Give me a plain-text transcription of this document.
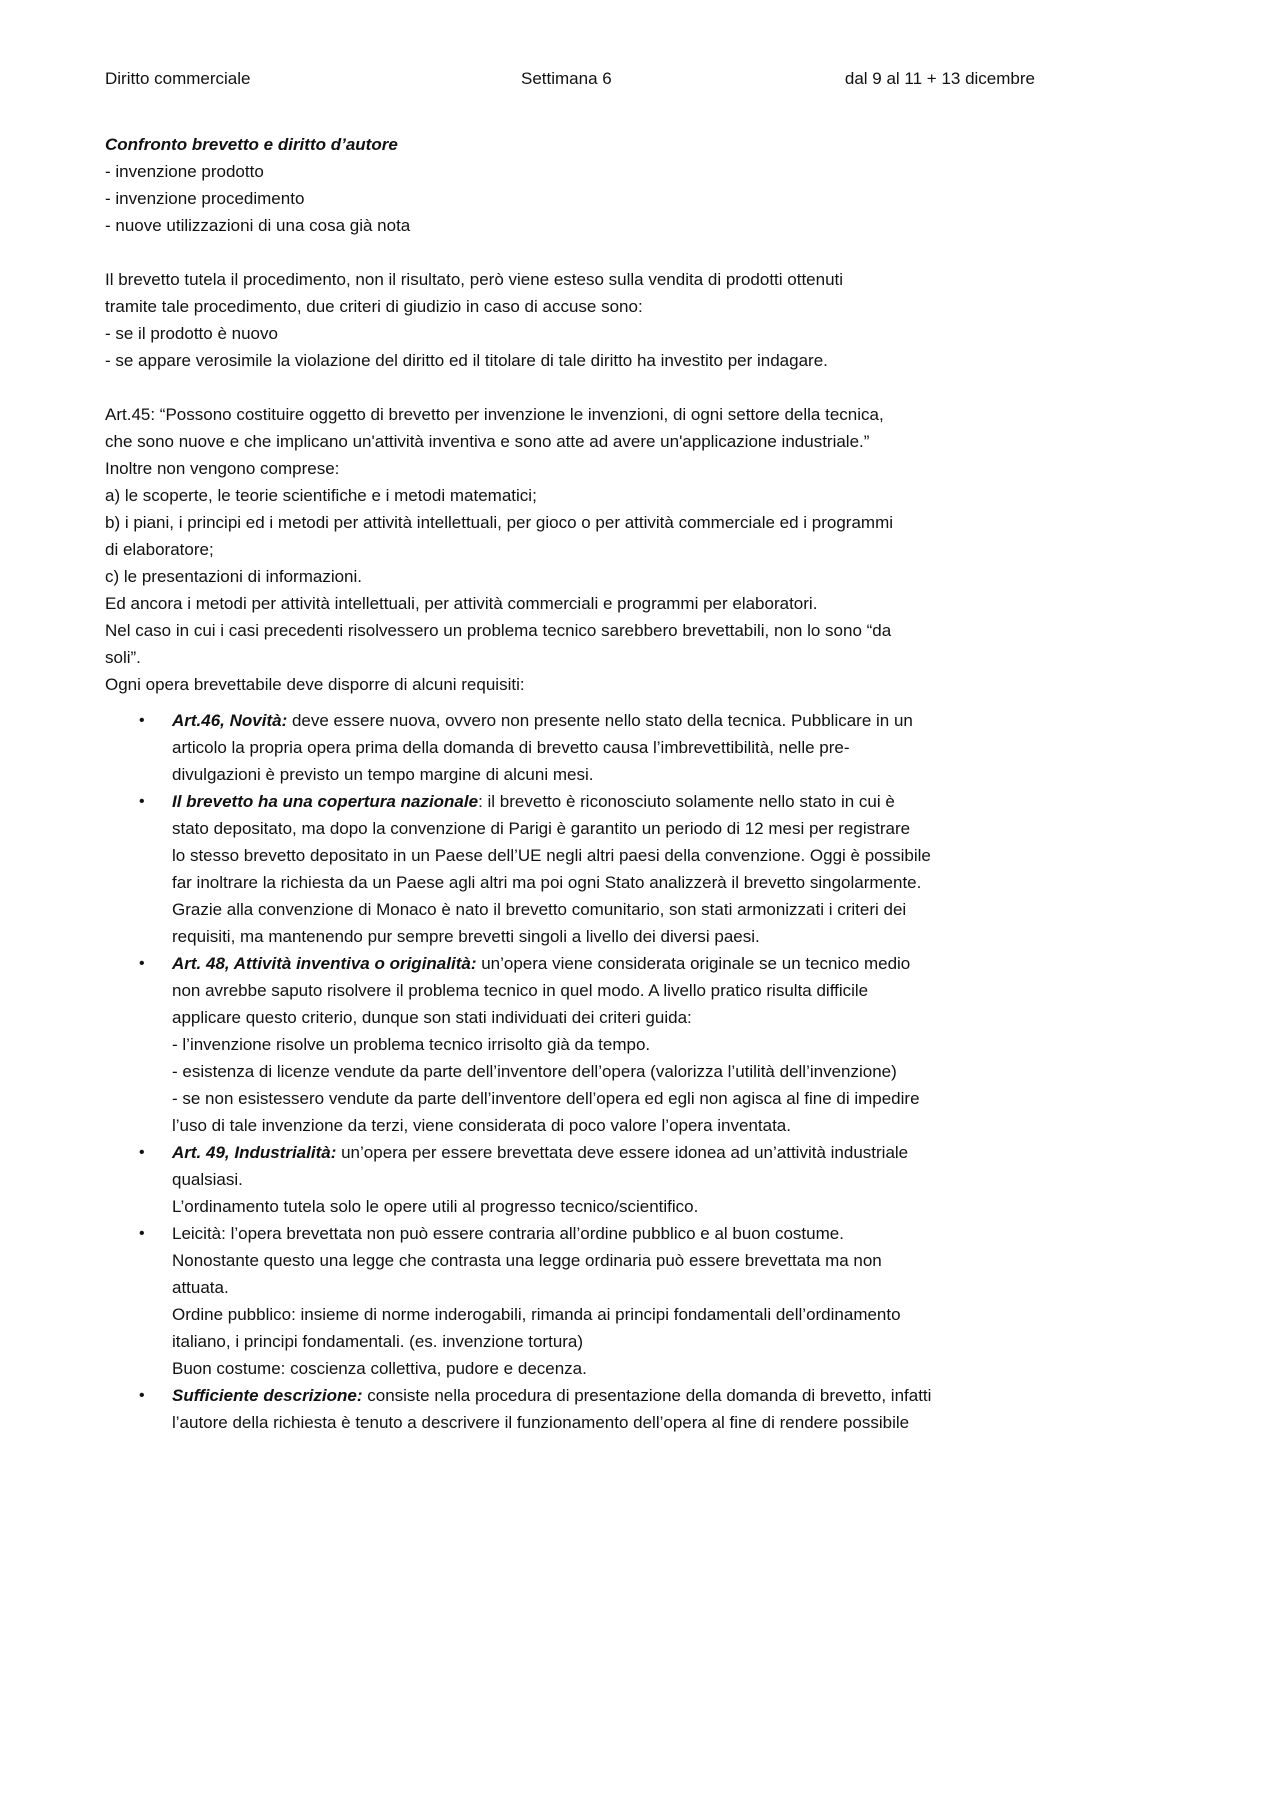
Diritto commerciale	Settimana 6	dal 9 al 11 + 13 dicembre
Confronto brevetto e diritto d’autore
- invenzione prodotto
- invenzione procedimento
- nuove utilizzazioni di una cosa già nota
Il brevetto tutela il procedimento, non il risultato, però viene esteso sulla vendita di prodotti ottenuti
tramite tale procedimento, due criteri di giudizio in caso di accuse sono:
- se il prodotto è nuovo
- se appare verosimile la violazione del diritto ed il titolare di tale diritto ha investito per indagare.
Art.45: “Possono costituire oggetto di brevetto per invenzione le invenzioni, di ogni settore della tecnica,
che sono nuove e che implicano un'attività inventiva e sono atte ad avere un'applicazione industriale.”
Inoltre non vengono comprese:
a) le scoperte, le teorie scientifiche e i metodi matematici;
b) i piani, i principi ed i metodi per attività intellettuali, per gioco o per attività commerciale ed i programmi
di elaboratore;
c) le presentazioni di informazioni.
Ed ancora i metodi per attività intellettuali, per attività commerciali e programmi per elaboratori.
Nel caso in cui i casi precedenti risolvessero un problema tecnico sarebbero brevettabili, non lo sono “da
soli”.
Ogni opera brevettabile deve disporre di alcuni requisiti:
• Art.46, Novità: deve essere nuova, ovvero non presente nello stato della tecnica. Pubblicare in un
articolo la propria opera prima della domanda di brevetto causa l’imbrevettibilità, nelle pre-
divulgazioni è previsto un tempo margine di alcuni mesi.
• Il brevetto ha una copertura nazionale: il brevetto è riconosciuto solamente nello stato in cui è
stato depositato, ma dopo la convenzione di Parigi è garantito un periodo di 12 mesi per registrare
lo stesso brevetto depositato in un Paese dell’UE negli altri paesi della convenzione. Oggi è possibile
far inoltrare la richiesta da un Paese agli altri ma poi ogni Stato analizzerà il brevetto singolarmente.
Grazie alla convenzione di Monaco è nato il brevetto comunitario, son stati armonizzati i criteri dei
requisiti, ma mantenendo pur sempre brevetti singoli a livello dei diversi paesi.
• Art. 48, Attività inventiva o originalità: un’opera viene considerata originale se un tecnico medio
non avrebbe saputo risolvere il problema tecnico in quel modo. A livello pratico risulta difficile
applicare questo criterio, dunque son stati individuati dei criteri guida:
- l’invenzione risolve un problema tecnico irrisolto già da tempo.
- esistenza di licenze vendute da parte dell’inventore dell’opera (valorizza l’utilità dell’invenzione)
- se non esistessero vendute da parte dell’inventore dell’opera ed egli non agisca al fine di impedire
l’uso di tale invenzione da terzi, viene considerata di poco valore l’opera inventata.
• Art. 49, Industrialità: un’opera per essere brevettata deve essere idonea ad un’attività industriale
qualsiasi.
L’ordinamento tutela solo le opere utili al progresso tecnico/scientifico.
• Leicità: l’opera brevettata non può essere contraria all’ordine pubblico e al buon costume.
Nonostante questo una legge che contrasta una legge ordinaria può essere brevettata ma non
attuata.
Ordine pubblico: insieme di norme inderogabili, rimanda ai principi fondamentali dell’ordinamento
italiano, i principi fondamentali. (es. invenzione tortura)
Buon costume: coscienza collettiva, pudore e decenza.
• Sufficiente descrizione: consiste nella procedura di presentazione della domanda di brevetto, infatti
l’autore della richiesta è tenuto a descrivere il funzionamento dell’opera al fine di rendere possibile
